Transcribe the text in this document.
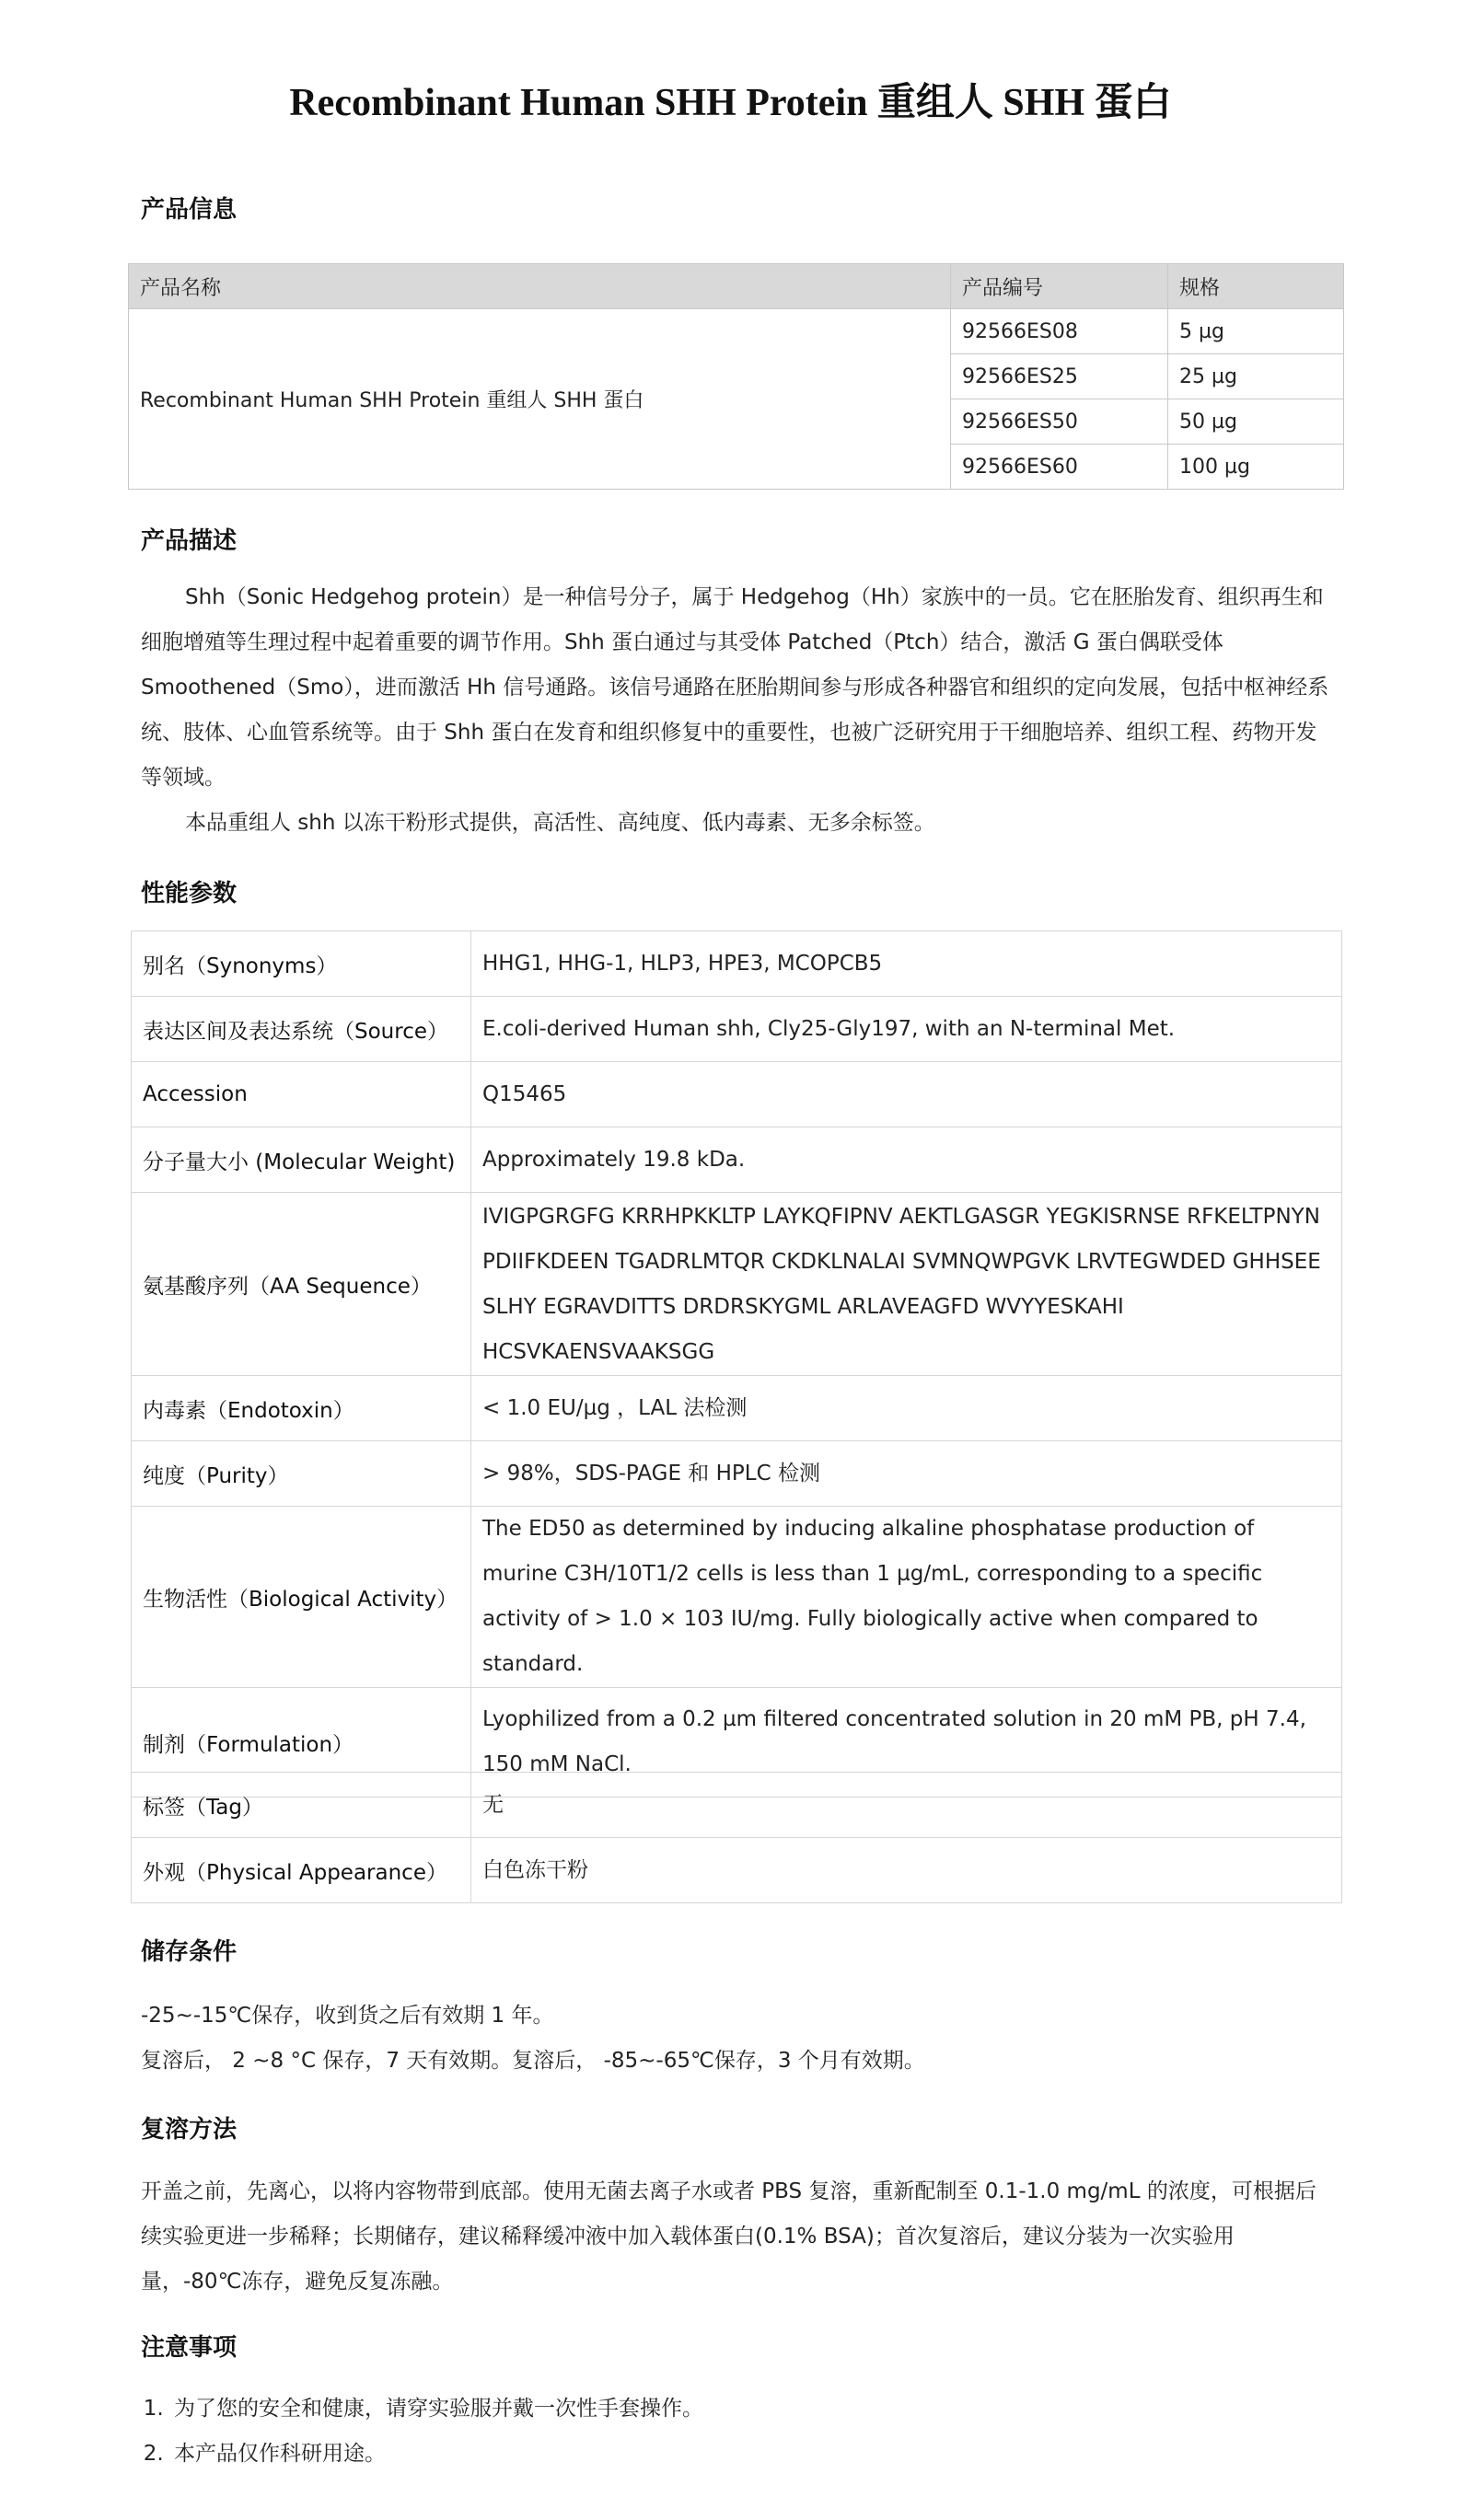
Recombinant Human SHH Protein 重组人 SHH 蛋白
产品信息
产品名称	产品编号	规格
Recombinant Human SHH Protein 重组人 SHH 蛋白	92566ES08	5 µg
	92566ES25	25 µg
	92566ES50	50 µg
	92566ES60	100 µg
产品描述

Shh（Sonic Hedgehog protein）是一种信号分子，属于 Hedgehog（Hh）家族中的一员。它在胚胎发育、组织再生和细胞增殖等生理过程中起着重要的调节作用。Shh 蛋白通过与其受体 Patched（Ptch）结合，激活 G 蛋白偶联受体 Smoothened（Smo），进而激活 Hh 信号通路。该信号通路在胚胎期间参与形成各种器官和组织的定向发展，包括中枢神经系统、肢体、心血管系统等。由于 Shh 蛋白在发育和组织修复中的重要性，也被广泛研究用于干细胞培养、组织工程、药物开发等领域。

本品重组人 shh 以冻干粉形式提供，高活性、高纯度、低内毒素、无多余标签。

性能参数
别名（Synonyms）	HHG1, HHG-1, HLP3, HPE3, MCOPCB5
表达区间及表达系统（Source）	E.coli-derived Human shh, Cly25-Gly197, with an N-terminal Met.
Accession	Q15465
分子量大小 (Molecular Weight)	Approximately 19.8 kDa.
氨基酸序列（AA Sequence）	IVIGPGRGFG KRRHPKKLTP LAYKQFIPNV AEKTLGASGR YEGKISRNSE RFKELTPNYN PDIIFKDEEN TGADRLMTQR CKDKLNALAI SVMNQWPGVK LRVTEGWDED GHHSEE SLHY EGRAVDITTS DRDRSKYGML ARLAVEAGFD WVYYESKAHI HCSVKAENSVAAKSGG
内毒素（Endotoxin）	< 1.0 EU/µg ，LAL 法检测
纯度（Purity）	> 98%，SDS-PAGE 和 HPLC 检测
生物活性（Biological Activity）	The ED50 as determined by inducing alkaline phosphatase production of murine C3H/10T1/2 cells is less than 1 µg/mL, corresponding to a specific activity of > 1.0 × 103 IU/mg. Fully biologically active when compared to standard.
制剂（Formulation）	Lyophilized from a 0.2 µm filtered concentrated solution in 20 mM PB, pH 7.4, 150 mM NaCl.
标签（Tag）	无
外观（Physical Appearance）	白色冻干粉
储存条件

-25~-15℃保存，收到货之后有效期 1 年。

复溶后， 2 ~8 °C 保存，7 天有效期。复溶后， -85~-65℃保存，3 个月有效期。

复溶方法

开盖之前，先离心，以将内容物带到底部。使用无菌去离子水或者 PBS 复溶，重新配制至 0.1-1.0 mg/mL 的浓度，可根据后续实验更进一步稀释；长期储存，建议稀释缓冲液中加入载体蛋白(0.1% BSA)；首次复溶后，建议分装为一次实验用量，-80℃冻存，避免反复冻融。

注意事项
1. 为了您的安全和健康，请穿实验服并戴一次性手套操作。
2. 本产品仅作科研用途。
